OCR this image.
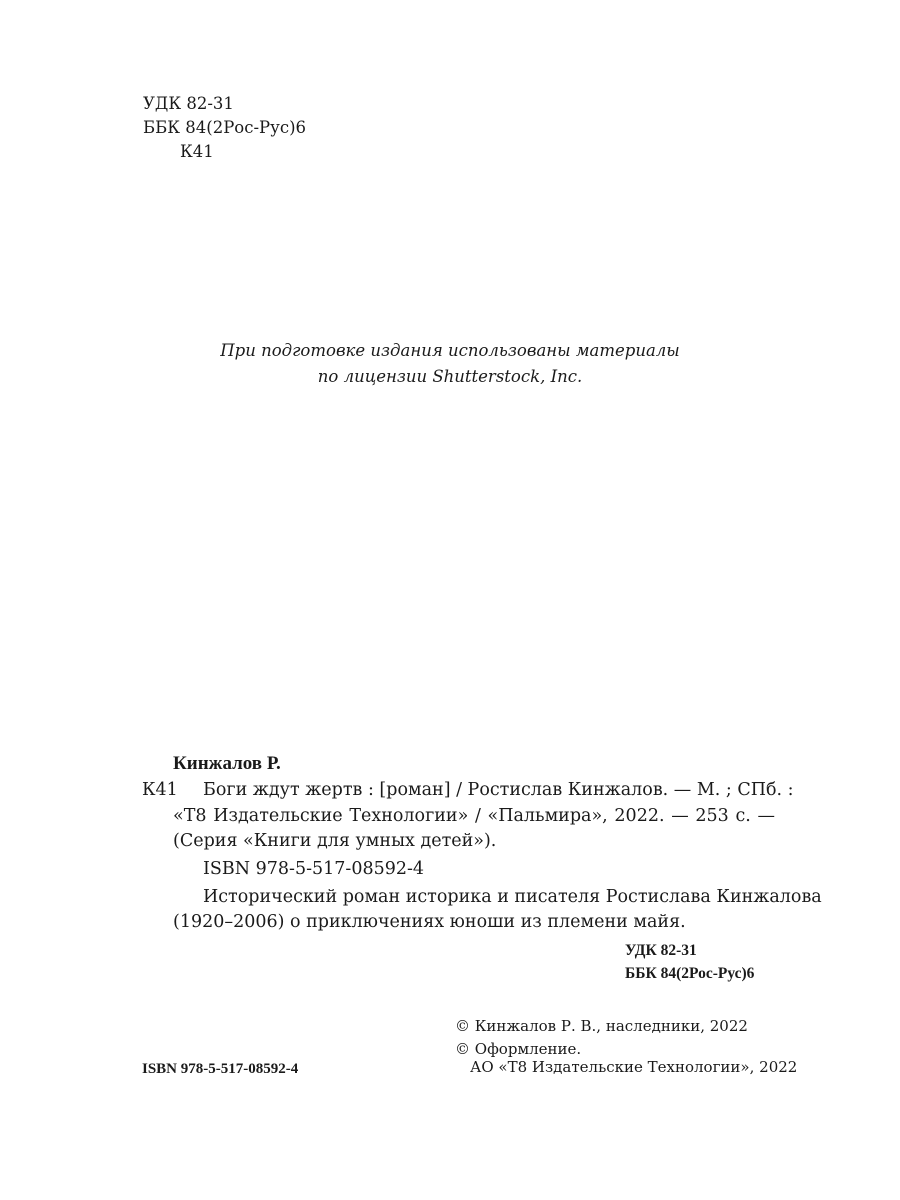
УДК 82-31
ББК 84(2Рос-Рус)6
К41
При подготовке издания использованы материалы
по лицензии Shutterstock, Inc.
Кинжалов Р.
К41 Боги ждут жертв : [роман] / Ростислав Кинжалов. — М. ; СПб. :
«Т8 Издательские Технологии» / «Пальмира», 2022. — 253 с. —
(Серия «Книги для умных детей»).
ISBN 978-5-517-08592-4
Исторический роман историка и писателя Ростислава Кинжалова
(1920–2006) о приключениях юноши из племени майя.
УДК 82-31
ББК 84(2Рос-Рус)6
ISBN 978-5-517-08592-4
© Кинжалов Р. В., наследники, 2022
© Оформление.
АО «Т8 Издательские Технологии», 2022
